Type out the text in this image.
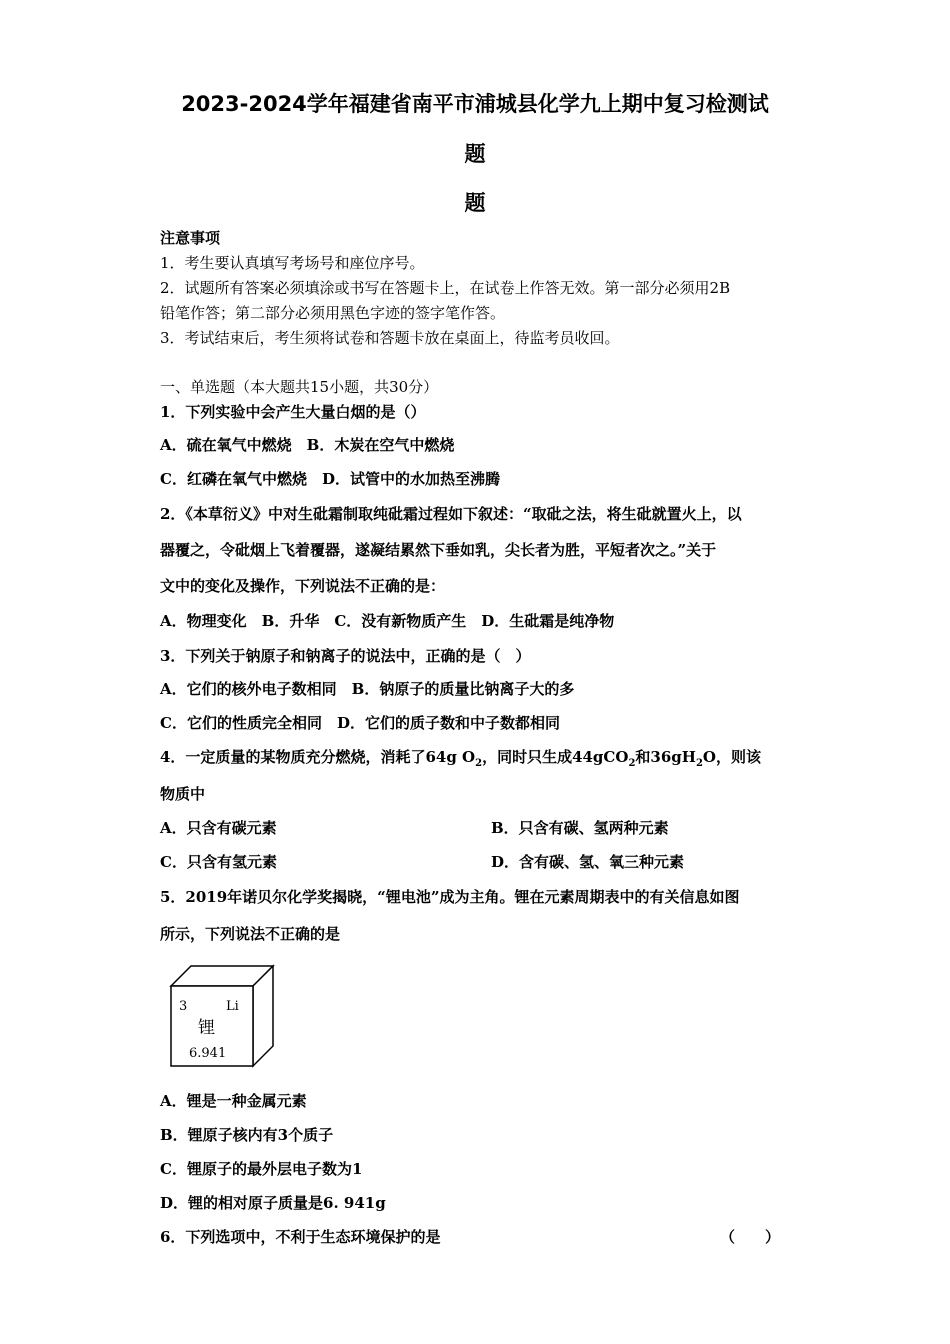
2023-2024学年福建省南平市浦城县化学九上期中复习检测试
题
题
注意事项
1．考生要认真填写考场号和座位序号。
2．试题所有答案必须填涂或书写在答题卡上，在试卷上作答无效。第一部分必须用2B
铅笔作答；第二部分必须用黑色字迹的签字笔作答。
3．考试结束后，考生须将试卷和答题卡放在桌面上，待监考员收回。
一、单选题（本大题共15小题，共30分）
1．下列实验中会产生大量白烟的是（）
A．硫在氧气中燃烧　B．木炭在空气中燃烧
C．红磷在氧气中燃烧　D．试管中的水加热至沸腾
2．《本草衍义》中对生砒霜制取纯砒霜过程如下叙述：“取砒之法，将生砒就置火上，以
器覆之，令砒烟上飞着覆器，遂凝结累然下垂如乳，尖长者为胜，平短者次之。”关于
文中的变化及操作，下列说法不正确的是：
A．物理变化　B．升华　C．没有新物质产生　D．生砒霜是纯净物
3．下列关于钠原子和钠离子的说法中，正确的是（　）
A．它们的核外电子数相同　B．钠原子的质量比钠离子大的多
C．它们的性质完全相同　D．它们的质子数和中子数都相同
4．一定质量的某物质充分燃烧，消耗了64g $O_2$，同时只生成44gCO$_2$和$36gH_2O$，则该
物质中
A．只含有碳元素	B．只含有碳、氢两种元素
C．只含有氢元素	D．含有碳、氢、氧三种元素
5．2019年诺贝尔化学奖揭晓，“锂电池”成为主角。锂在元素周期表中的有关信息如图
所示，下列说法不正确的是
3	Li
锂
6.941
A．锂是一种金属元素
B．锂原子核内有3个质子
C．锂原子的最外层电子数为1
D．锂的相对原子质量是6. 941g
6．下列选项中，不利于生态环境保护的是	（　　）
